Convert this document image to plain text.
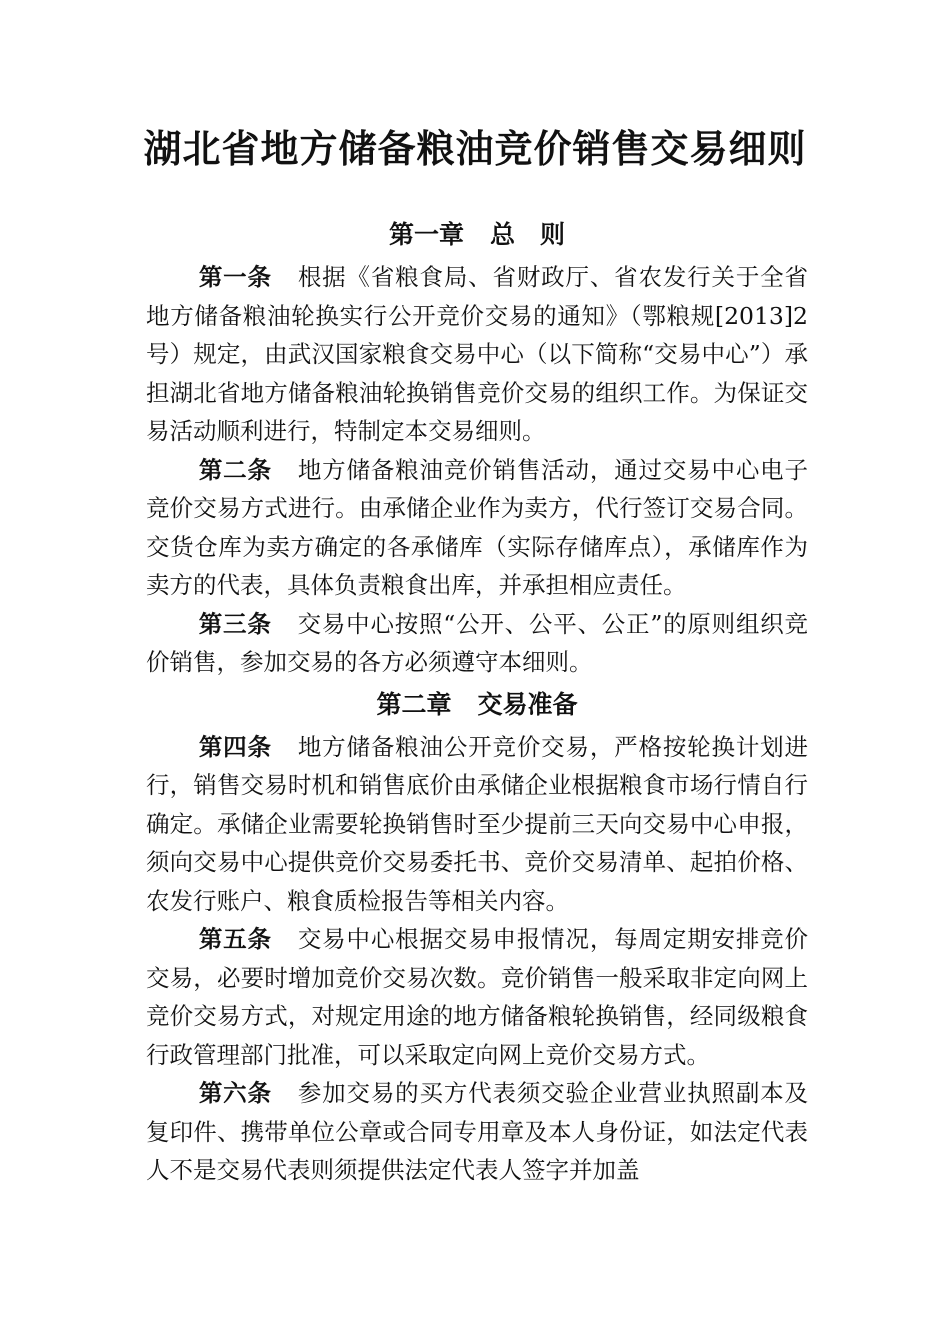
湖北省地方储备粮油竞价销售交易细则
第一章 总　则

第一条 根据《省粮食局、省财政厅、省农发行关于全省地方储备粮油轮换实行公开竞价交易的通知》（鄂粮规[2013]2号）规定，由武汉国家粮食交易中心（以下简称“交易中心”）承担湖北省地方储备粮油轮换销售竞价交易的组织工作。为保证交易活动顺利进行，特制定本交易细则。

第二条 地方储备粮油竞价销售活动，通过交易中心电子竞价交易方式进行。由承储企业作为卖方，代行签订交易合同。交货仓库为卖方确定的各承储库（实际存储库点），承储库作为卖方的代表，具体负责粮食出库，并承担相应责任。

第三条 交易中心按照“公开、公平、公正”的原则组织竞价销售，参加交易的各方必须遵守本细则。

第二章 交易准备

第四条 地方储备粮油公开竞价交易，严格按轮换计划进行，销售交易时机和销售底价由承储企业根据粮食市场行情自行确定。承储企业需要轮换销售时至少提前三天向交易中心申报，须向交易中心提供竞价交易委托书、竞价交易清单、起拍价格、农发行账户、粮食质检报告等相关内容。

第五条 交易中心根据交易申报情况，每周定期安排竞价交易，必要时增加竞价交易次数。竞价销售一般采取非定向网上竞价交易方式，对规定用途的地方储备粮轮换销售，经同级粮食行政管理部门批准，可以采取定向网上竞价交易方式。

第六条 参加交易的买方代表须交验企业营业执照副本及复印件、携带单位公章或合同专用章及本人身份证，如法定代表人不是交易代表则须提供法定代表人签字并加盖
